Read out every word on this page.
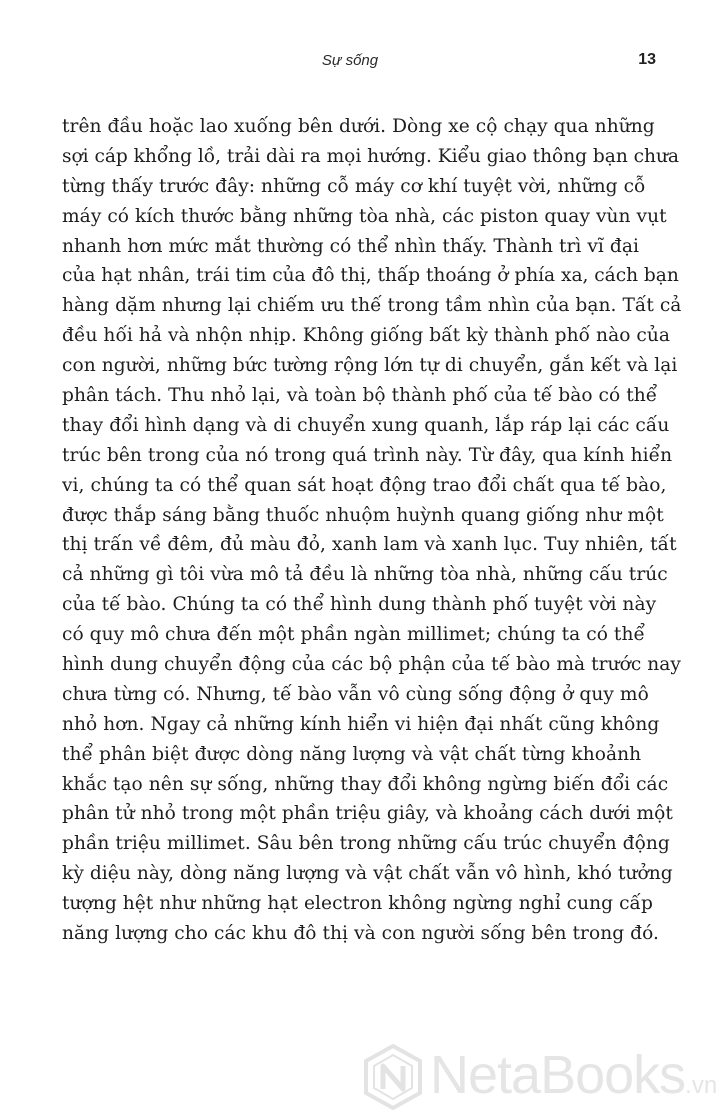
Sự sống	13
trên đầu hoặc lao xuống bên dưới. Dòng xe cộ chạy qua những
sợi cáp khổng lồ, trải dài ra mọi hướng. Kiểu giao thông bạn chưa
từng thấy trước đây: những cỗ máy cơ khí tuyệt vời, những cỗ
máy có kích thước bằng những tòa nhà, các piston quay vùn vụt
nhanh hơn mức mắt thường có thể nhìn thấy. Thành trì vĩ đại
của hạt nhân, trái tim của đô thị, thấp thoáng ở phía xa, cách bạn
hàng dặm nhưng lại chiếm ưu thế trong tầm nhìn của bạn. Tất cả
đều hối hả và nhộn nhịp. Không giống bất kỳ thành phố nào của
con người, những bức tường rộng lớn tự di chuyển, gắn kết và lại
phân tách. Thu nhỏ lại, và toàn bộ thành phố của tế bào có thể
thay đổi hình dạng và di chuyển xung quanh, lắp ráp lại các cấu
trúc bên trong của nó trong quá trình này. Từ đây, qua kính hiển
vi, chúng ta có thể quan sát hoạt động trao đổi chất qua tế bào,
được thắp sáng bằng thuốc nhuộm huỳnh quang giống như một
thị trấn về đêm, đủ màu đỏ, xanh lam và xanh lục. Tuy nhiên, tất
cả những gì tôi vừa mô tả đều là những tòa nhà, những cấu trúc
của tế bào. Chúng ta có thể hình dung thành phố tuyệt vời này
có quy mô chưa đến một phần ngàn millimet; chúng ta có thể
hình dung chuyển động của các bộ phận của tế bào mà trước nay
chưa từng có. Nhưng, tế bào vẫn vô cùng sống động ở quy mô
nhỏ hơn. Ngay cả những kính hiển vi hiện đại nhất cũng không
thể phân biệt được dòng năng lượng và vật chất từng khoảnh
khắc tạo nên sự sống, những thay đổi không ngừng biến đổi các
phân tử nhỏ trong một phần triệu giây, và khoảng cách dưới một
phần triệu millimet. Sâu bên trong những cấu trúc chuyển động
kỳ diệu này, dòng năng lượng và vật chất vẫn vô hình, khó tưởng
tượng hệt như những hạt electron không ngừng nghỉ cung cấp
năng lượng cho các khu đô thị và con người sống bên trong đó.
NetaBooks.vn
